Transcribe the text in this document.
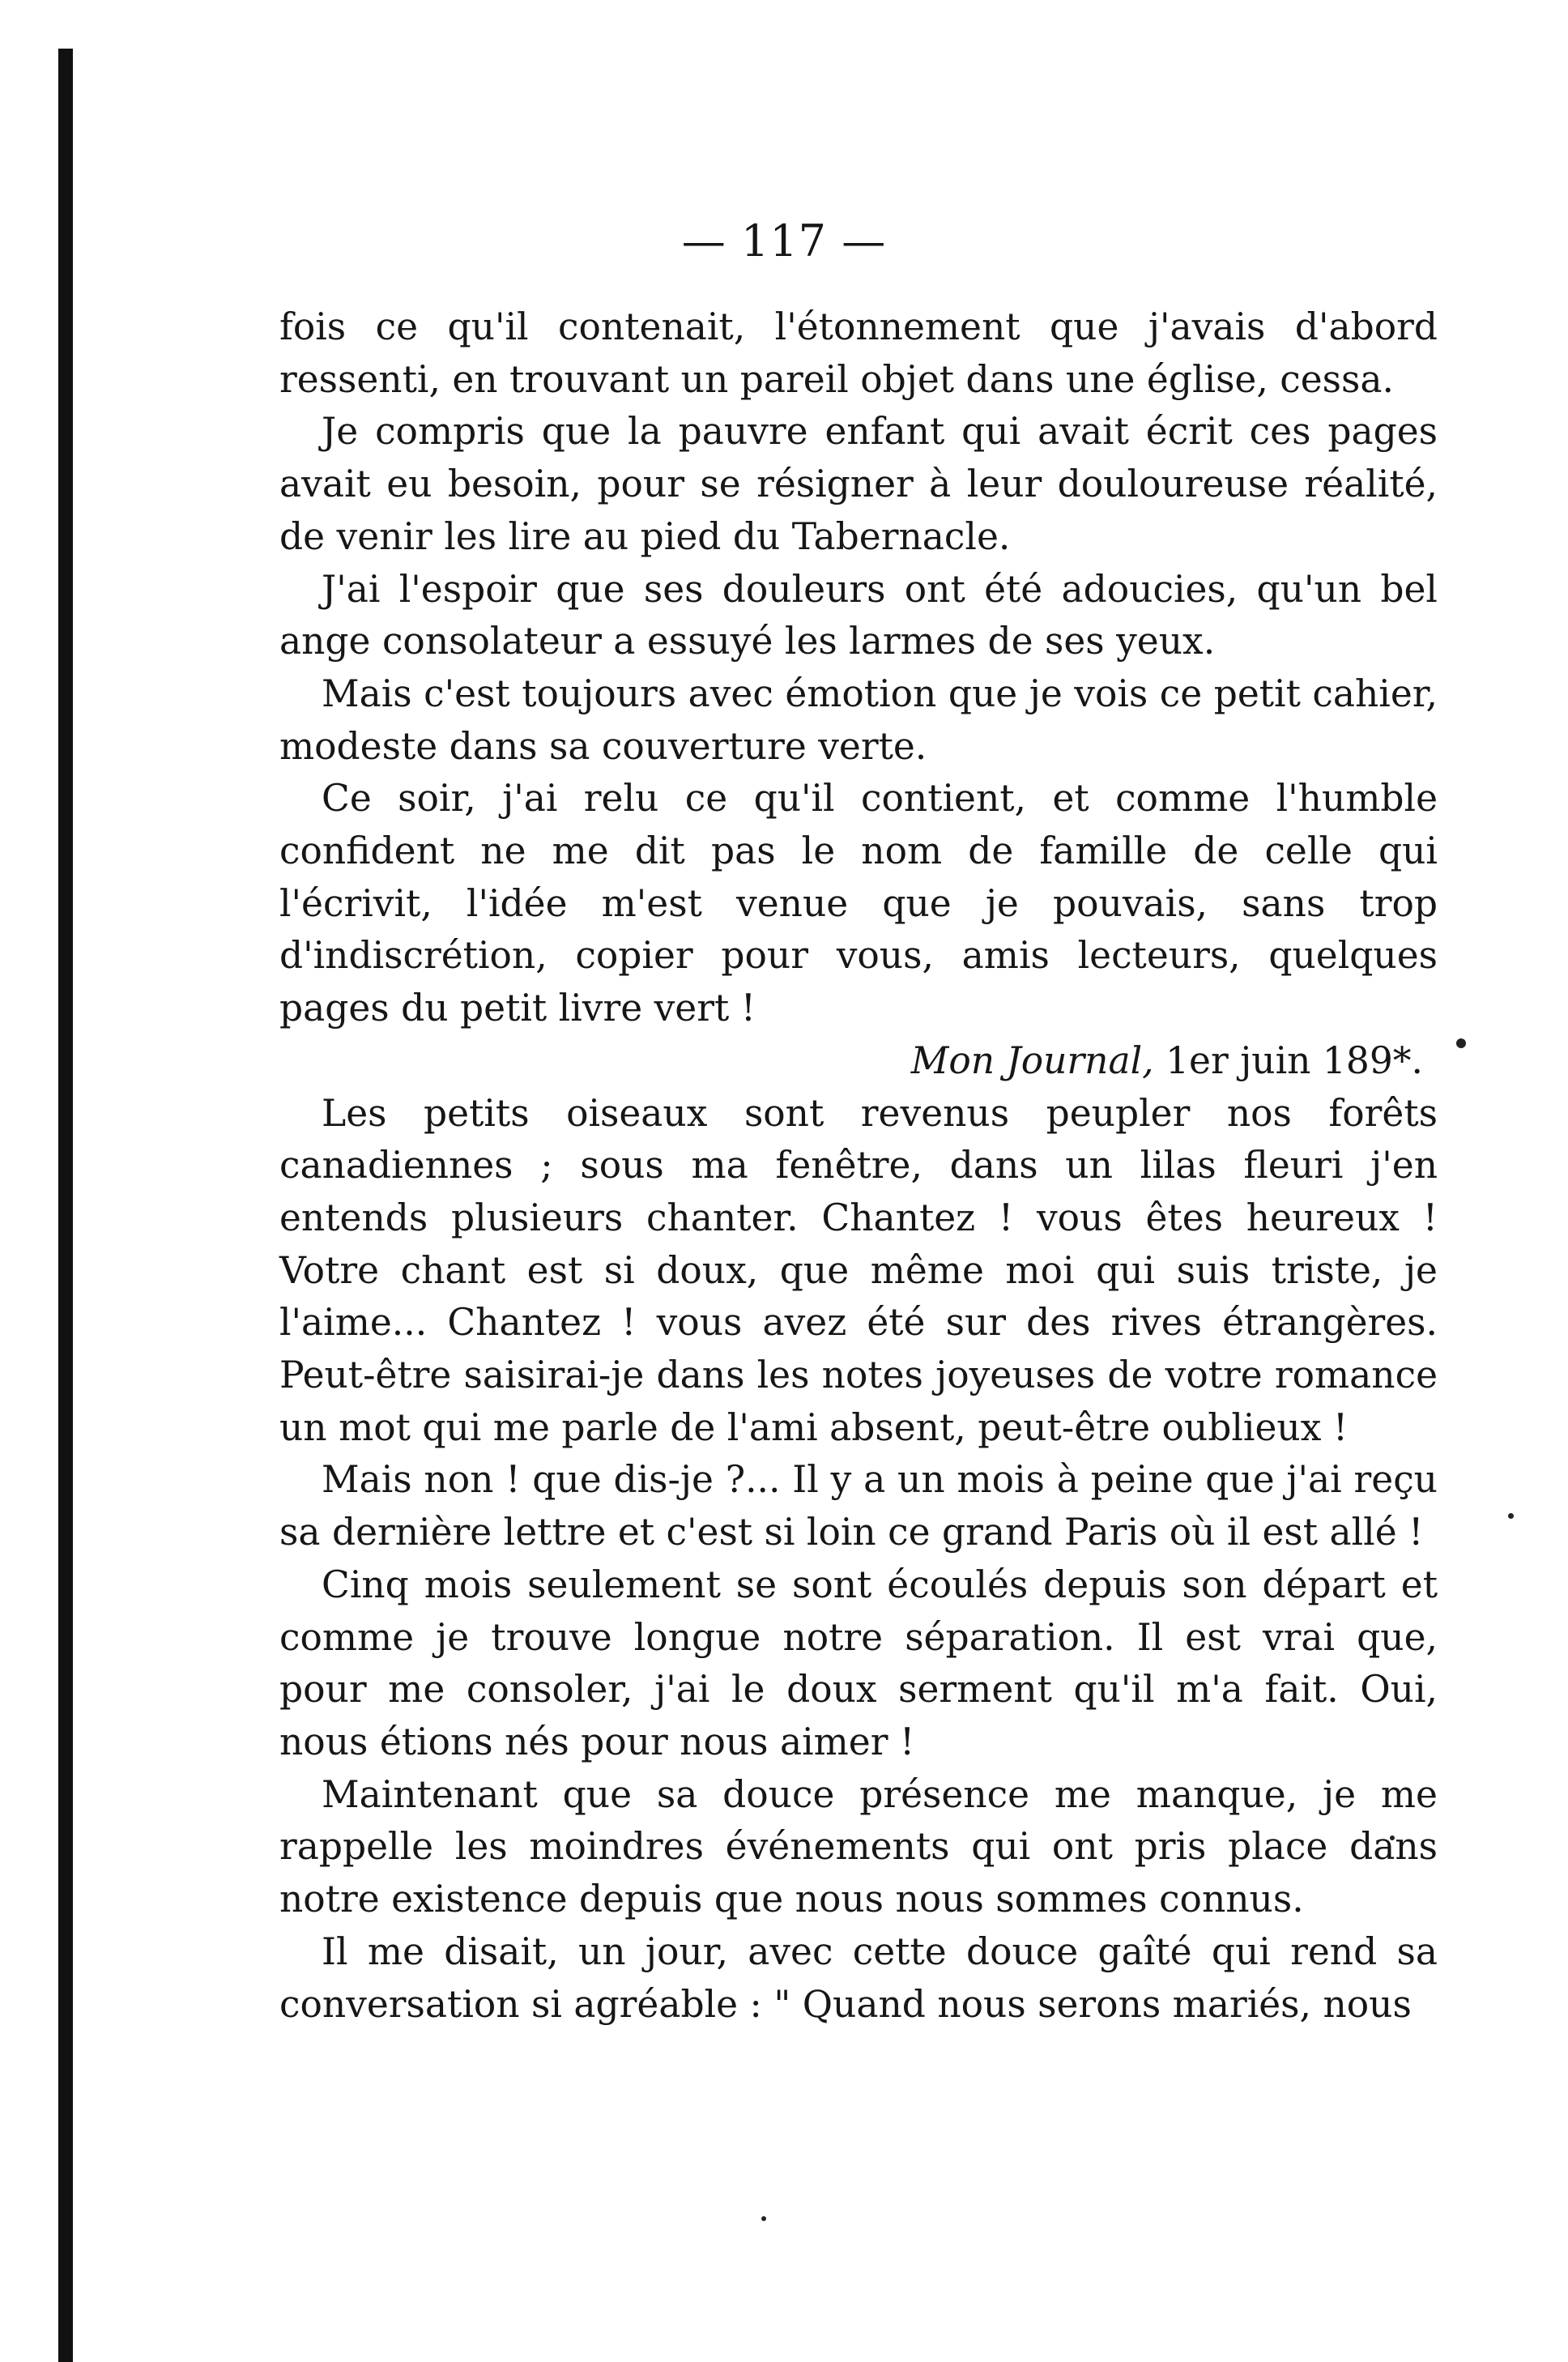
— 117 —

fois ce qu'il contenait, l'étonnement que j'avais d'abord ressenti, en trouvant un pareil objet dans une église, cessa.

Je compris que la pauvre enfant qui avait écrit ces pages avait eu besoin, pour se résigner à leur douloureuse réalité, de venir les lire au pied du Tabernacle.

J'ai l'espoir que ses douleurs ont été adoucies, qu'un bel ange consolateur a essuyé les larmes de ses yeux.

Mais c'est toujours avec émotion que je vois ce petit cahier, modeste dans sa couverture verte.

Ce soir, j'ai relu ce qu'il contient, et comme l'humble confident ne me dit pas le nom de famille de celle qui l'écrivit, l'idée m'est venue que je pouvais, sans trop d'indiscrétion, copier pour vous, amis lecteurs, quelques pages du petit livre vert !

Mon Journal, 1er juin 189*.

Les petits oiseaux sont revenus peupler nos forêts canadiennes ; sous ma fenêtre, dans un lilas fleuri j'en entends plusieurs chanter. Chantez ! vous êtes heureux ! Votre chant est si doux, que même moi qui suis triste, je l'aime... Chantez ! vous avez été sur des rives étrangères. Peut-être saisirai-je dans les notes joyeuses de votre romance un mot qui me parle de l'ami absent, peut-être oublieux !

Mais non ! que dis-je ?... Il y a un mois à peine que j'ai reçu sa dernière lettre et c'est si loin ce grand Paris où il est allé !

Cinq mois seulement se sont écoulés depuis son départ et comme je trouve longue notre séparation. Il est vrai que, pour me consoler, j'ai le doux serment qu'il m'a fait. Oui, nous étions nés pour nous aimer !

Maintenant que sa douce présence me manque, je me rappelle les moindres événements qui ont pris place dans notre existence depuis que nous nous sommes connus.

Il me disait, un jour, avec cette douce gaîté qui rend sa conversation si agréable : " Quand nous serons mariés, nous
